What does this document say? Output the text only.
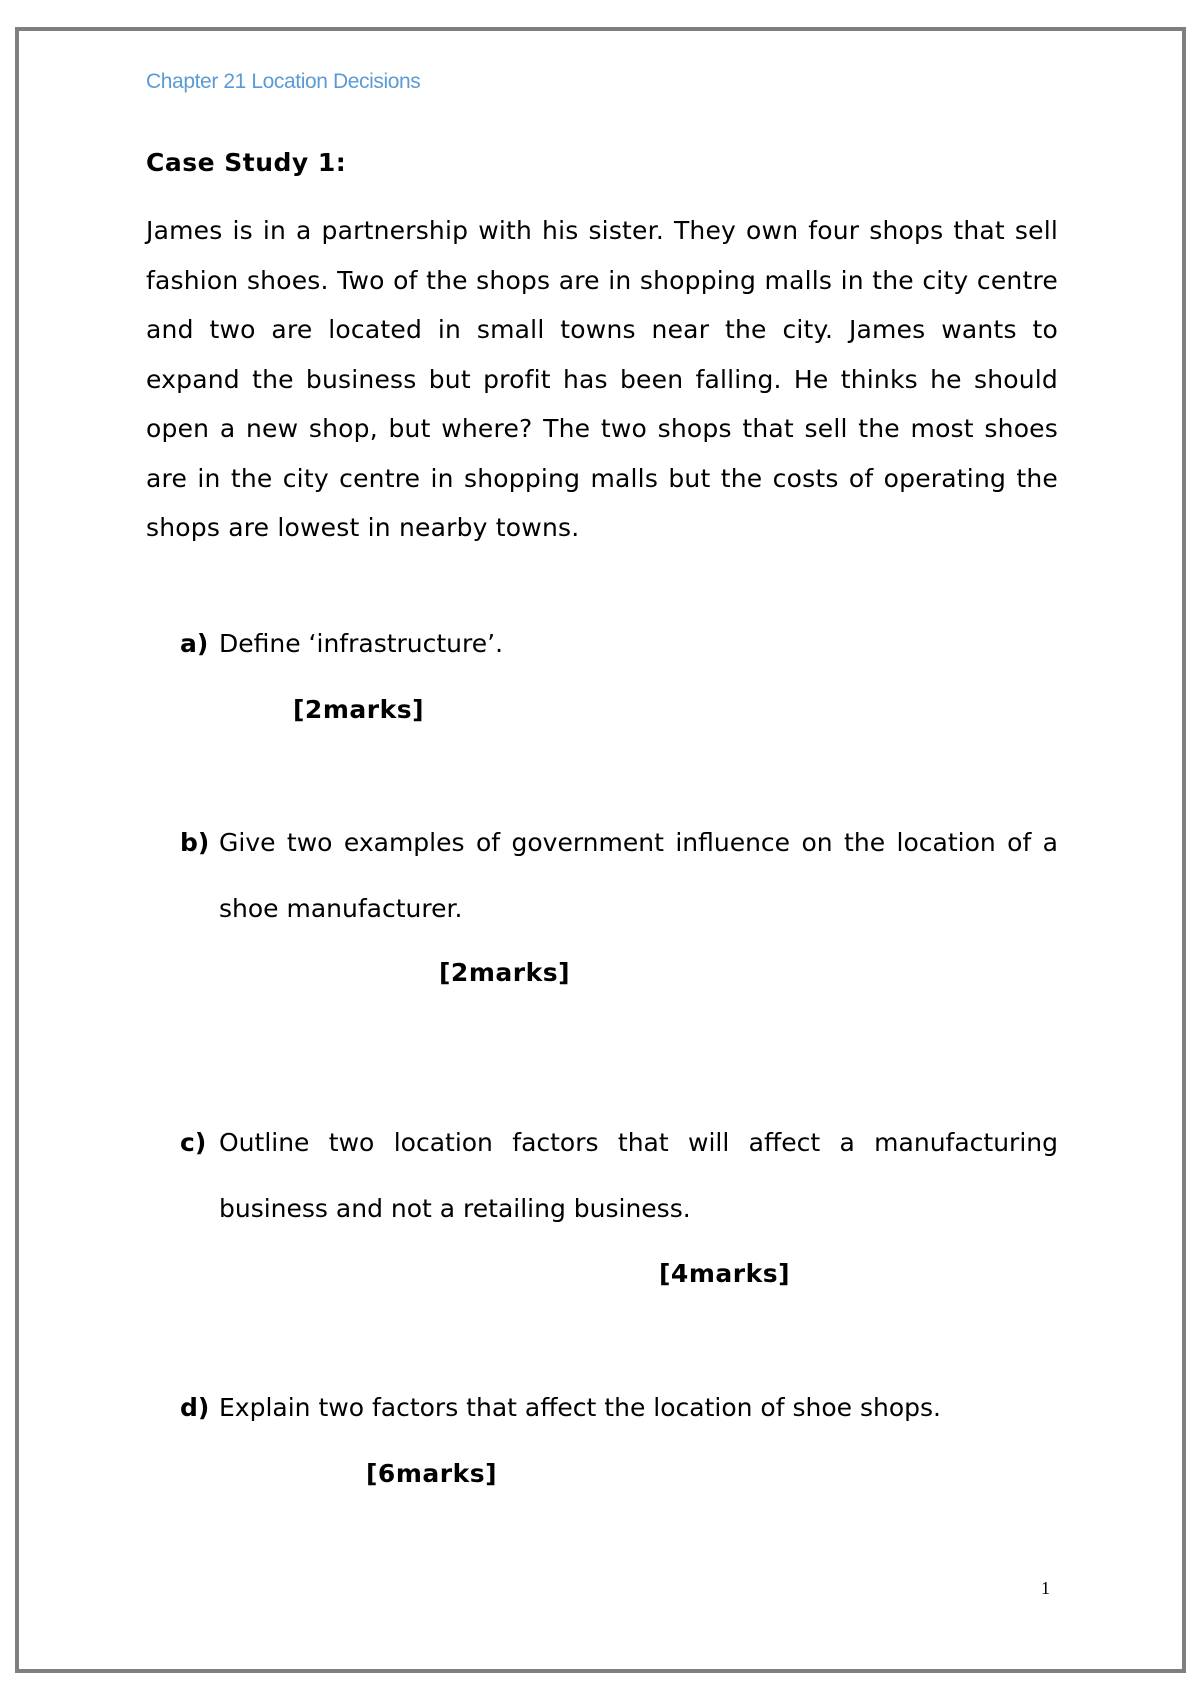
Chapter 21 Location Decisions
Case Study 1:
James is in a partnership with his sister. They own four shops that sell fashion shoes. Two of the shops are in shopping malls in the city centre and two are located in small towns near the city. James wants to expand the business but profit has been falling. He thinks he should open a new shop, but where? The two shops that sell the most shoes are in the city centre in shopping malls but the costs of operating the shops are lowest in nearby towns.
a) Define ‘infrastructure’.
[2marks]
b) Give two examples of government influence on the location of a shoe manufacturer.
[2marks]
c) Outline two location factors that will affect a manufacturing business and not a retailing business.
[4marks]
d) Explain two factors that affect the location of shoe shops.
[6marks]
1
